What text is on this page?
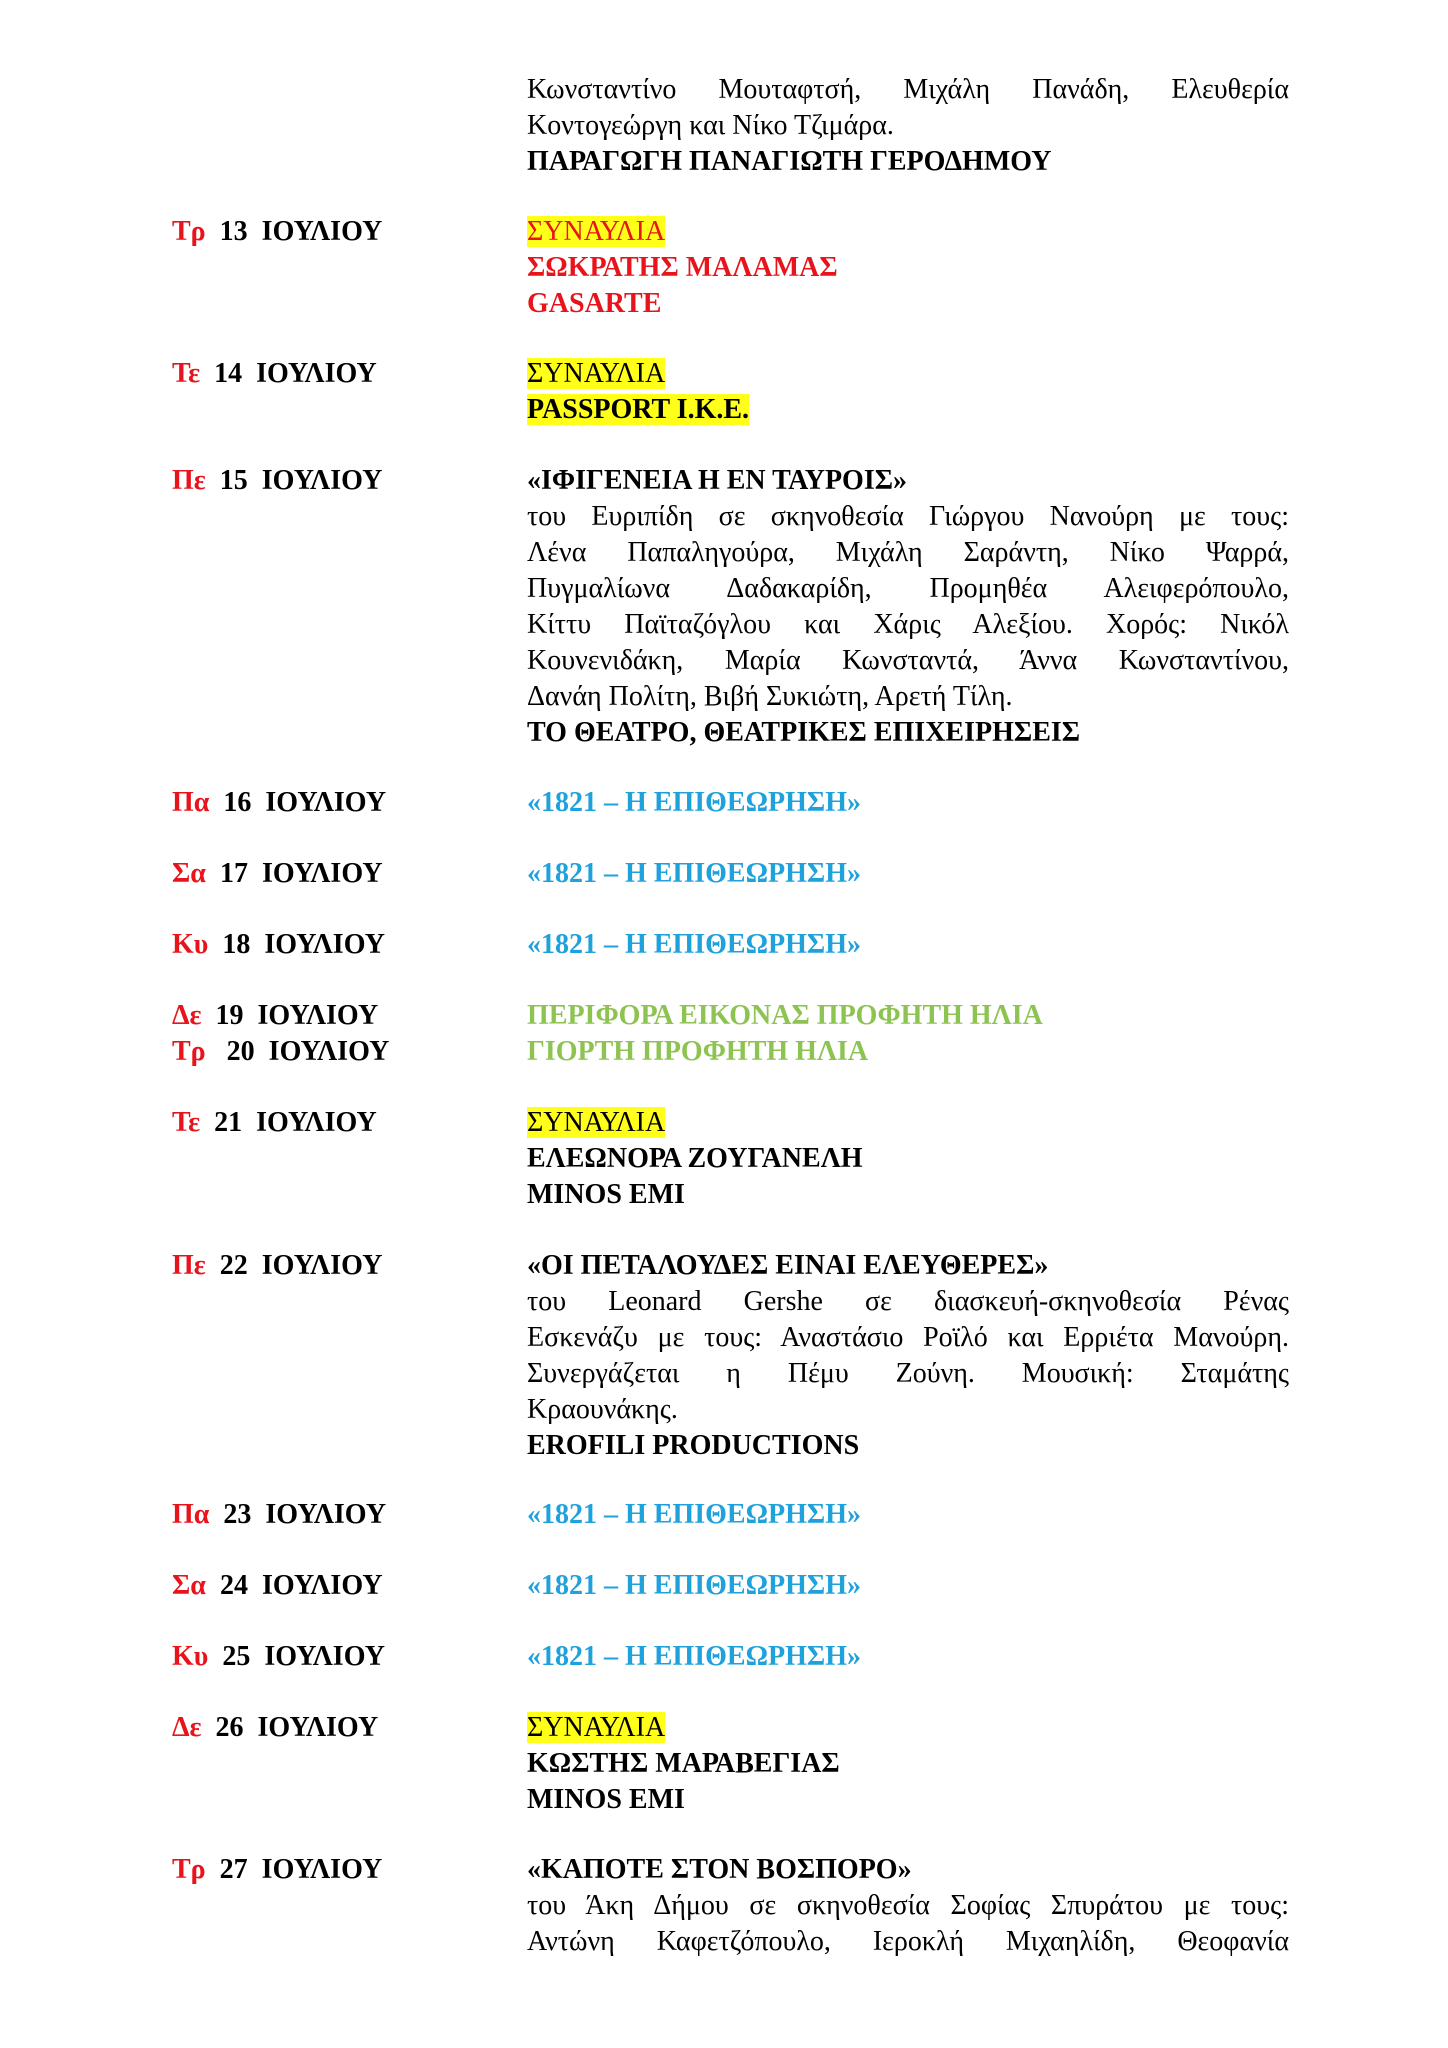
Κωνσταντίνο Μουταφτσή, Μιχάλη Πανάδη, Ελευθερία
Κοντογεώργη και Νίκο Τζιμάρα.
ΠΑΡΑΓΩΓΗ ΠΑΝΑΓΙΩΤΗ ΓΕΡΟΔΗΜΟΥ
Τρ 13 ΙΟΥΛΙΟΥ	ΣΥΝΑΥΛΙΑ
ΣΩΚΡΑΤΗΣ ΜΑΛΑΜΑΣ
GASARTE
Τε 14 ΙΟΥΛΙΟΥ	ΣΥΝΑΥΛΙΑ
PASSPORT I.K.E.
Πε 15 ΙΟΥΛΙΟΥ	«ΙΦΙΓΕΝΕΙΑ Η ΕΝ ΤΑΥΡΟΙΣ»
του Ευριπίδη σε σκηνοθεσία Γιώργου Νανούρη με τους:
Λένα Παπαληγούρα, Μιχάλη Σαράντη, Νίκο Ψαρρά,
Πυγμαλίωνα Δαδακαρίδη, Προμηθέα Αλειφερόπουλο,
Κίττυ Παϊταζόγλου και Χάρις Αλεξίου. Χορός: Νικόλ
Κουνενιδάκη, Μαρία Κωνσταντά, Άννα Κωνσταντίνου,
Δανάη Πολίτη, Βιβή Συκιώτη, Αρετή Τίλη.
ΤΟ ΘΕΑΤΡΟ, ΘΕΑΤΡΙΚΕΣ ΕΠΙΧΕΙΡΗΣΕΙΣ
Πα 16 ΙΟΥΛΙΟΥ	«1821 – Η ΕΠΙΘΕΩΡΗΣΗ»
Σα 17 ΙΟΥΛΙΟΥ	«1821 – Η ΕΠΙΘΕΩΡΗΣΗ»
Κυ 18 ΙΟΥΛΙΟΥ	«1821 – Η ΕΠΙΘΕΩΡΗΣΗ»
Δε 19 ΙΟΥΛΙΟΥ	ΠΕΡΙΦΟΡΑ ΕΙΚΟΝΑΣ ΠΡΟΦΗΤΗ ΗΛΙΑ
Τρ 20 ΙΟΥΛΙΟΥ	ΓΙΟΡΤΗ ΠΡΟΦΗΤΗ ΗΛΙΑ
Τε 21 ΙΟΥΛΙΟΥ	ΣΥΝΑΥΛΙΑ
ΕΛΕΩΝΟΡΑ ΖΟΥΓΑΝΕΛΗ
MINOS EMI
Πε 22 ΙΟΥΛΙΟΥ	«ΟΙ ΠΕΤΑΛΟΥΔΕΣ ΕΙΝΑΙ ΕΛΕΥΘΕΡΕΣ»
του Leonard Gershe σε διασκευή-σκηνοθεσία Ρένας
Εσκενάζυ με τους: Αναστάσιο Ροϊλό και Ερριέτα Μανούρη.
Συνεργάζεται η Πέμυ Ζούνη. Μουσική: Σταμάτης
Κραουνάκης.
EROFILI PRODUCTIONS
Πα 23 ΙΟΥΛΙΟΥ	«1821 – Η ΕΠΙΘΕΩΡΗΣΗ»
Σα 24 ΙΟΥΛΙΟΥ	«1821 – Η ΕΠΙΘΕΩΡΗΣΗ»
Κυ 25 ΙΟΥΛΙΟΥ	«1821 – Η ΕΠΙΘΕΩΡΗΣΗ»
Δε 26 ΙΟΥΛΙΟΥ	ΣΥΝΑΥΛΙΑ
ΚΩΣΤΗΣ ΜΑΡΑΒΕΓΙΑΣ
MINOS EMI
Τρ 27 ΙΟΥΛΙΟΥ	«ΚΑΠΟΤΕ ΣΤΟΝ ΒΟΣΠΟΡΟ»
του Άκη Δήμου σε σκηνοθεσία Σοφίας Σπυράτου με τους:
Αντώνη Καφετζόπουλο, Ιεροκλή Μιχαηλίδη, Θεοφανία
